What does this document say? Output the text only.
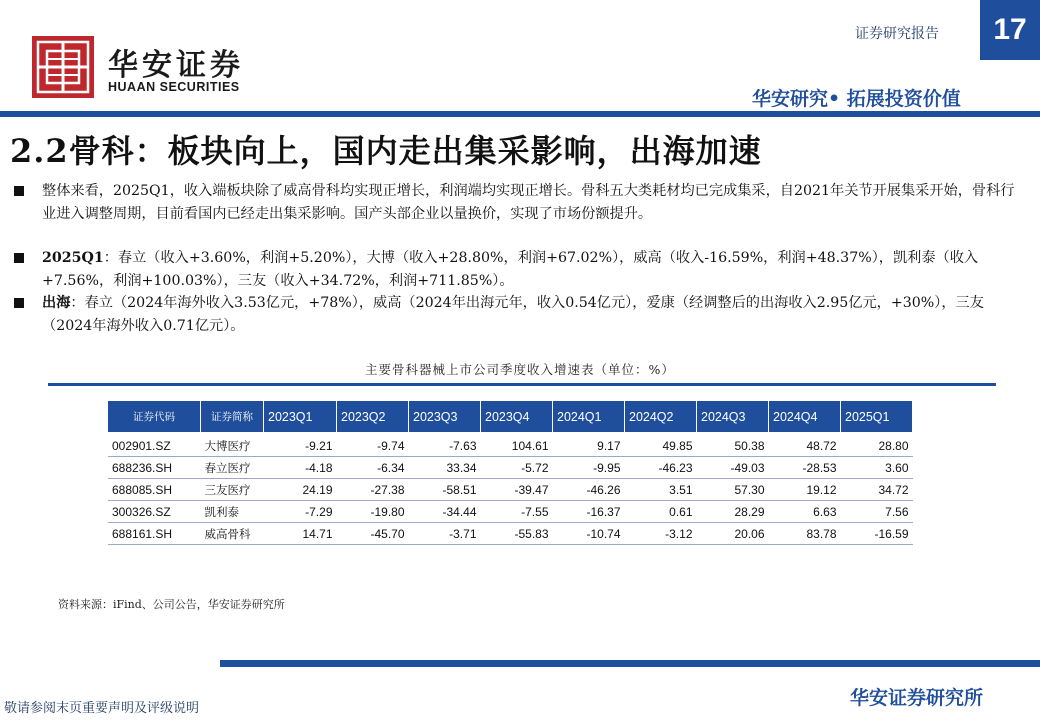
华安证券
HUAAN SECURITIES
证券研究报告	17
华安研究• 拓展投资价值
2.2骨科：板块向上，国内走出集采影响，出海加速
整体来看，2025Q1，收入端板块除了威高骨科均实现正增长，利润端均实现正增长。骨科五大类耗材均已完成集采，自2021年关节开展集采开始，骨科行业进入调整周期，目前看国内已经走出集采影响。国产头部企业以量换价，实现了市场份额提升。
2025Q1：春立（收入+3.60%，利润+5.20%），大博（收入+28.80%，利润+67.02%），威高（收入-16.59%，利润+48.37%），凯利泰（收入+7.56%，利润+100.03%），三友（收入+34.72%，利润+711.85%）。
出海：春立（2024年海外收入3.53亿元，+78%），威高（2024年出海元年，收入0.54亿元），爱康（经调整后的出海收入2.95亿元，+30%），三友（2024年海外收入0.71亿元）。
主要骨科器械上市公司季度收入增速表（单位：%）
证券代码	证券简称	2023Q1	2023Q2	2023Q3	2023Q4	2024Q1	2024Q2	2024Q3	2024Q4	2025Q1
002901.SZ	大博医疗	-9.21	-9.74	-7.63	104.61	9.17	49.85	50.38	48.72	28.80
688236.SH	春立医疗	-4.18	-6.34	33.34	-5.72	-9.95	-46.23	-49.03	-28.53	3.60
688085.SH	三友医疗	24.19	-27.38	-58.51	-39.47	-46.26	3.51	57.30	19.12	34.72
300326.SZ	凯利泰	-7.29	-19.80	-34.44	-7.55	-16.37	0.61	28.29	6.63	7.56
688161.SH	威高骨科	14.71	-45.70	-3.71	-55.83	-10.74	-3.12	20.06	83.78	-16.59
资料来源：iFind、公司公告，华安证券研究所
敬请参阅末页重要声明及评级说明	华安证券研究所
